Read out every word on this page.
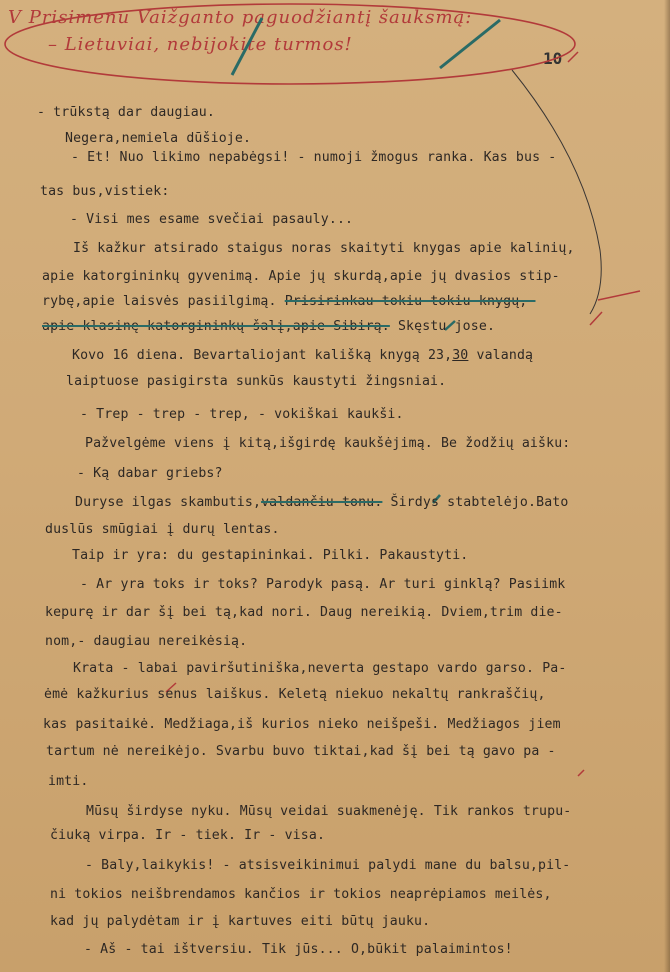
V Prisimenu Vaižganto paguodžiantį šauksmą:
– Lietuviai, nebijokite turmos!
10
- trūkstą dar daugiau.
Negera,nemiela dūšioje.
- Et! Nuo likimo nepabėgsi! - numoji žmogus ranka. Kas bus -
tas bus,vistiek:
- Visi mes esame svečiai pasauly...
Iš kažkur atsirado staigus noras skaityti knygas apie kalinių,
apie katorgininkų gyvenimą. Apie jų skurdą,apie jų dvasios stip-
rybę,apie laisvės pasiilgimą. Prisirinkau tokiu tokiu knygų,-
apie klasinę katorgininkų šalį,apie Sibirą. Skęstu jose.
Kovo 16 diena. Bevartaliojant kališką knygą 23,30 valandą
laiptuose pasigirsta sunkūs kaustyti žingsniai.
- Trep - trep - trep, - vokiškai kaukši.
Pažvelgėme viens į kitą,išgirdę kaukšėjimą. Be žodžių aišku:
- Ką dabar griebs?
Duryse ilgas skambutis,valdančiu tonu. Širdys stabtelėjo.Bato
duslūs smūgiai į durų lentas.
Taip ir yra: du gestapininkai. Pilki. Pakaustyti.
- Ar yra toks ir toks? Parodyk pasą. Ar turi ginklą? Pasiimk
kepurę ir dar šį bei tą,kad nori. Daug nereikią. Dviem,trim die-
nom,- daugiau nereikėsią.
Krata - labai paviršutiniška,neverta gestapo vardo garso. Pa-
ėmė kažkurius senus laiškus. Keletą niekuo nekaltų rankraščių,
kas pasitaikė. Medžiaga,iš kurios nieko neišpeši. Medžiagos jiem
tartum nė nereikėjo. Svarbu buvo tiktai,kad šį bei tą gavo pa -
imti.
Mūsų širdyse nyku. Mūsų veidai suakmenėję. Tik rankos trupu-
čiuką virpa. Ir - tiek. Ir - visa.
- Baly,laikykis! - atsisveikinimui palydi mane du balsu,pil-
ni tokios neišbrendamos kančios ir tokios neaprėpiamos meilės,
kad jų palydėtam ir į kartuves eiti būtų jauku.
- Aš - tai ištversiu. Tik jūs... O,būkit palaimintos!
